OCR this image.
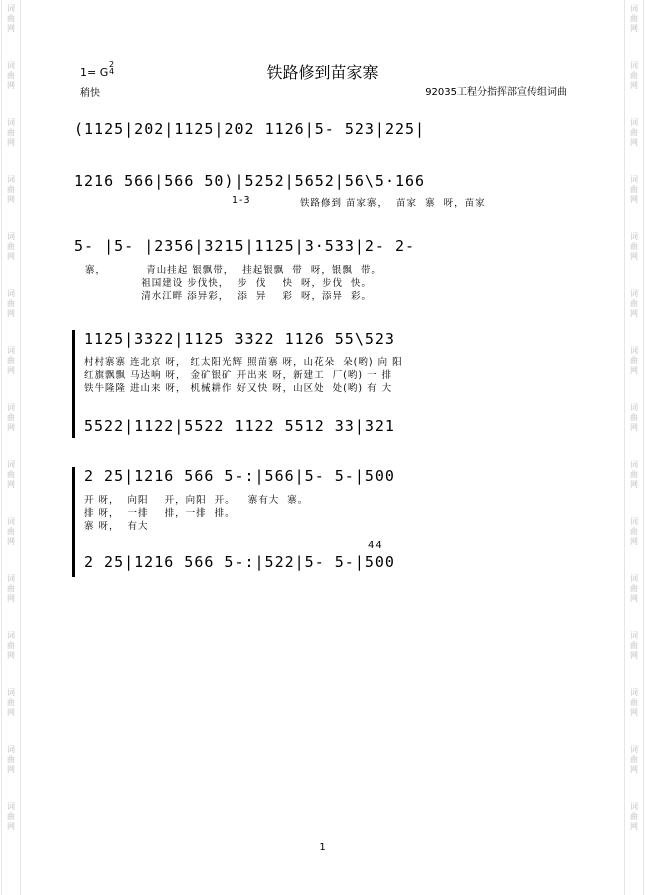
词
曲
网
词
曲
网
词
曲
网
词
曲
网
词
曲
网
词
曲
网
词
曲
网
词
曲
网
词
曲
网
词
曲
网
词
曲
网
词
曲
网
词
曲
网
词
曲
网
词
曲
网
词
曲
网
词
曲
网
词
曲
网
词
曲
网
词
曲
网
词
曲
网
词
曲
网
词
曲
网
词
曲
网
词
曲
网
词
曲
网
词
曲
网
词
曲
网
词
曲
网
词
曲
网
1= G
2
4
稍快
铁路修到苗家寨
92035工程分指挥部宣传组词曲
(1125|202|1125|202 1126|5- 523|225|
1216 566|566 50)|5252|5652|56\5·166
1-3	铁路修到 苗家寨，  苗家  寨  呀，苗家
5- |5- |2356|3215|1125|3·533|2- 2-
寨，          青山挂起 银飘带，  挂起银飘  带  呀，银飘  带。
祖国建设 步伐快，  步  伐    快  呀，步伐  快。
清水江畔 添异彩，  添  异    彩  呀，添异  彩。
1125|3322|1125 3322 1126 55\523
村村寨寨 连北京 呀， 红太阳光辉 照苗寨 呀，山花朵  朵(哟) 向 阳
红旗飘飘 马达响 呀， 金矿银矿 开出来 呀，新建工  厂(哟) 一 排
铁牛隆隆 进山来 呀， 机械耕作 好又快 呀，山区处  处(哟) 有 大
5522|1122|5522 1122 5512 33|321
2 25|1216 566 5-:|566|5- 5-|500
开 呀，  向阳    开，向阳  开。   寨有大  寨。
排 呀，  一排    排，一排  排。
寨 呀，  有大
44
2 25|1216 566 5-:|522|5- 5-|500
1
